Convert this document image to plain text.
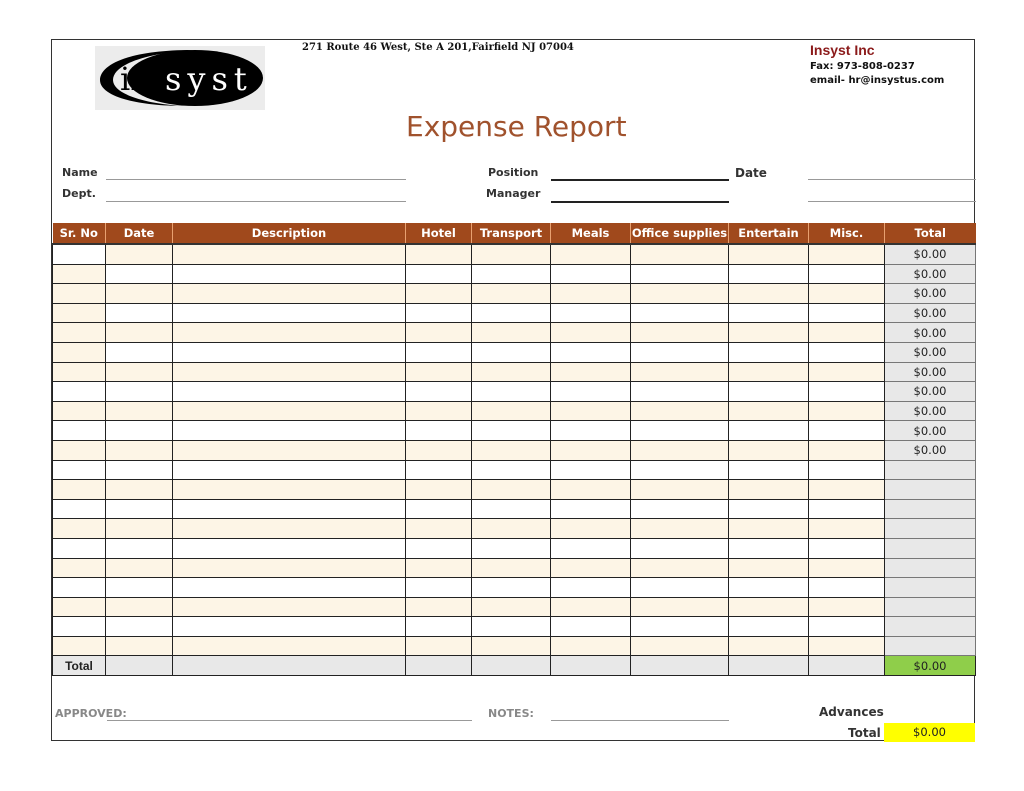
in syst
271 Route 46 West, Ste A 201,Fairfield NJ 07004	Insyst Inc
Fax: 973-808-0237
email- hr@insystus.com
Expense Report
Name
Dept.
Position
Manager
Date
Sr. No	Date	Description	Hotel	Transport	Meals	Office supplies	Entertain	Misc.	Total
									$0.00
									$0.00
									$0.00
									$0.00
									$0.00
									$0.00
									$0.00
									$0.00
									$0.00
									$0.00
									$0.00

Total									$0.00
APPROVED:	NOTES:	Advances
Total	$0.00
